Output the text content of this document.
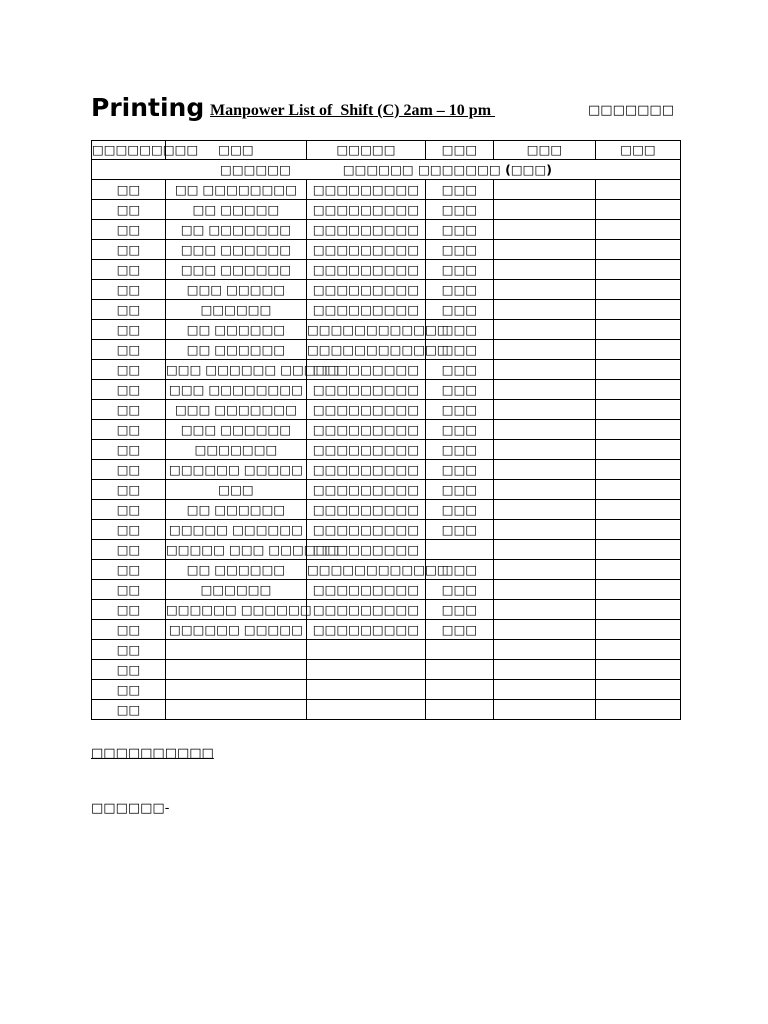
Printing Manpower List of  Shift (C) 2am – 10 pm	□□□□□□□
□□□□□□□□□	□□□	□□□□□	□□□	□□□	□□□
□□□□□□ □□□□□□ □□□□□□□ (□□□)					
□□	□□ □□□□□□□□	□□□□□□□□□	□□□		
□□	□□ □□□□□	□□□□□□□□□	□□□		
□□	□□ □□□□□□□	□□□□□□□□□	□□□		
□□	□□□ □□□□□□	□□□□□□□□□	□□□		
□□	□□□ □□□□□□	□□□□□□□□□	□□□		
□□	□□□ □□□□□	□□□□□□□□□	□□□		
□□	□□□□□□	□□□□□□□□□	□□□		
□□	□□ □□□□□□	□□□□□□□□□□□□	□□□		
□□	□□ □□□□□□	□□□□□□□□□□□□	□□□		
□□	□□□ □□□□□□ □□□□□	□□□□□□□□□	□□□		
□□	□□□ □□□□□□□□	□□□□□□□□□	□□□		
□□	□□□ □□□□□□□	□□□□□□□□□	□□□		
□□	□□□ □□□□□□	□□□□□□□□□	□□□		
□□	□□□□□□□	□□□□□□□□□	□□□		
□□	□□□□□□ □□□□□	□□□□□□□□□	□□□		
□□	□□□	□□□□□□□□□	□□□		
□□	□□ □□□□□□	□□□□□□□□□	□□□		
□□	□□□□□ □□□□□□	□□□□□□□□□	□□□		
□□	□□□□□ □□□ □□□□□□	□□□□□□□□□			
□□	□□ □□□□□□	□□□□□□□□□□□□	□□□		
□□	□□□□□□	□□□□□□□□□	□□□		
□□	□□□□□□ □□□□□□	□□□□□□□□□	□□□		
□□	□□□□□□ □□□□□	□□□□□□□□□	□□□		
□□					
□□					
□□					
□□					
□□□□□□□□□□
□□□□□□-
